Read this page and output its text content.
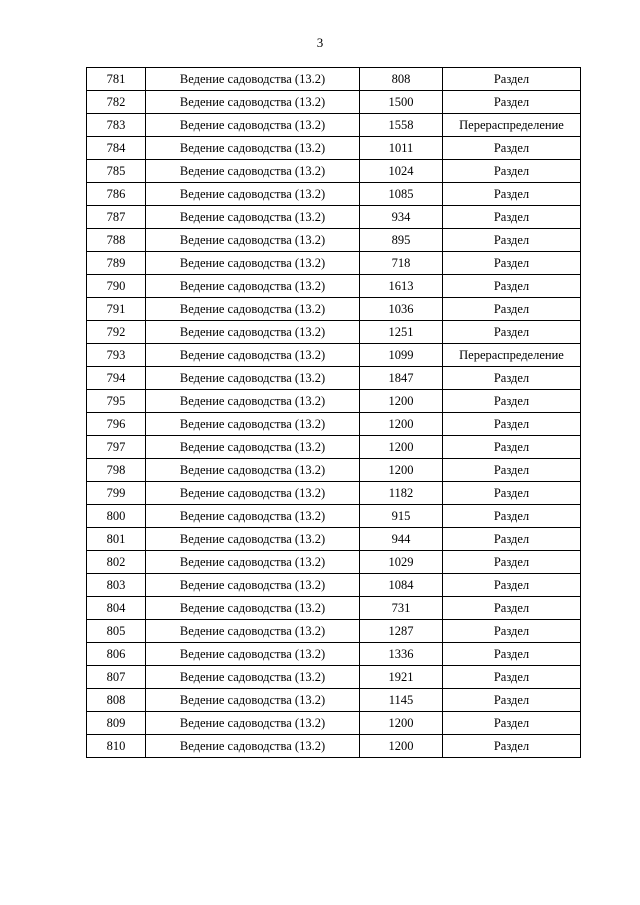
3
781	Ведение садоводства (13.2)	808	Раздел
782	Ведение садоводства (13.2)	1500	Раздел
783	Ведение садоводства (13.2)	1558	Перераспределение
784	Ведение садоводства (13.2)	1011	Раздел
785	Ведение садоводства (13.2)	1024	Раздел
786	Ведение садоводства (13.2)	1085	Раздел
787	Ведение садоводства (13.2)	934	Раздел
788	Ведение садоводства (13.2)	895	Раздел
789	Ведение садоводства (13.2)	718	Раздел
790	Ведение садоводства (13.2)	1613	Раздел
791	Ведение садоводства (13.2)	1036	Раздел
792	Ведение садоводства (13.2)	1251	Раздел
793	Ведение садоводства (13.2)	1099	Перераспределение
794	Ведение садоводства (13.2)	1847	Раздел
795	Ведение садоводства (13.2)	1200	Раздел
796	Ведение садоводства (13.2)	1200	Раздел
797	Ведение садоводства (13.2)	1200	Раздел
798	Ведение садоводства (13.2)	1200	Раздел
799	Ведение садоводства (13.2)	1182	Раздел
800	Ведение садоводства (13.2)	915	Раздел
801	Ведение садоводства (13.2)	944	Раздел
802	Ведение садоводства (13.2)	1029	Раздел
803	Ведение садоводства (13.2)	1084	Раздел
804	Ведение садоводства (13.2)	731	Раздел
805	Ведение садоводства (13.2)	1287	Раздел
806	Ведение садоводства (13.2)	1336	Раздел
807	Ведение садоводства (13.2)	1921	Раздел
808	Ведение садоводства (13.2)	1145	Раздел
809	Ведение садоводства (13.2)	1200	Раздел
810	Ведение садоводства (13.2)	1200	Раздел
